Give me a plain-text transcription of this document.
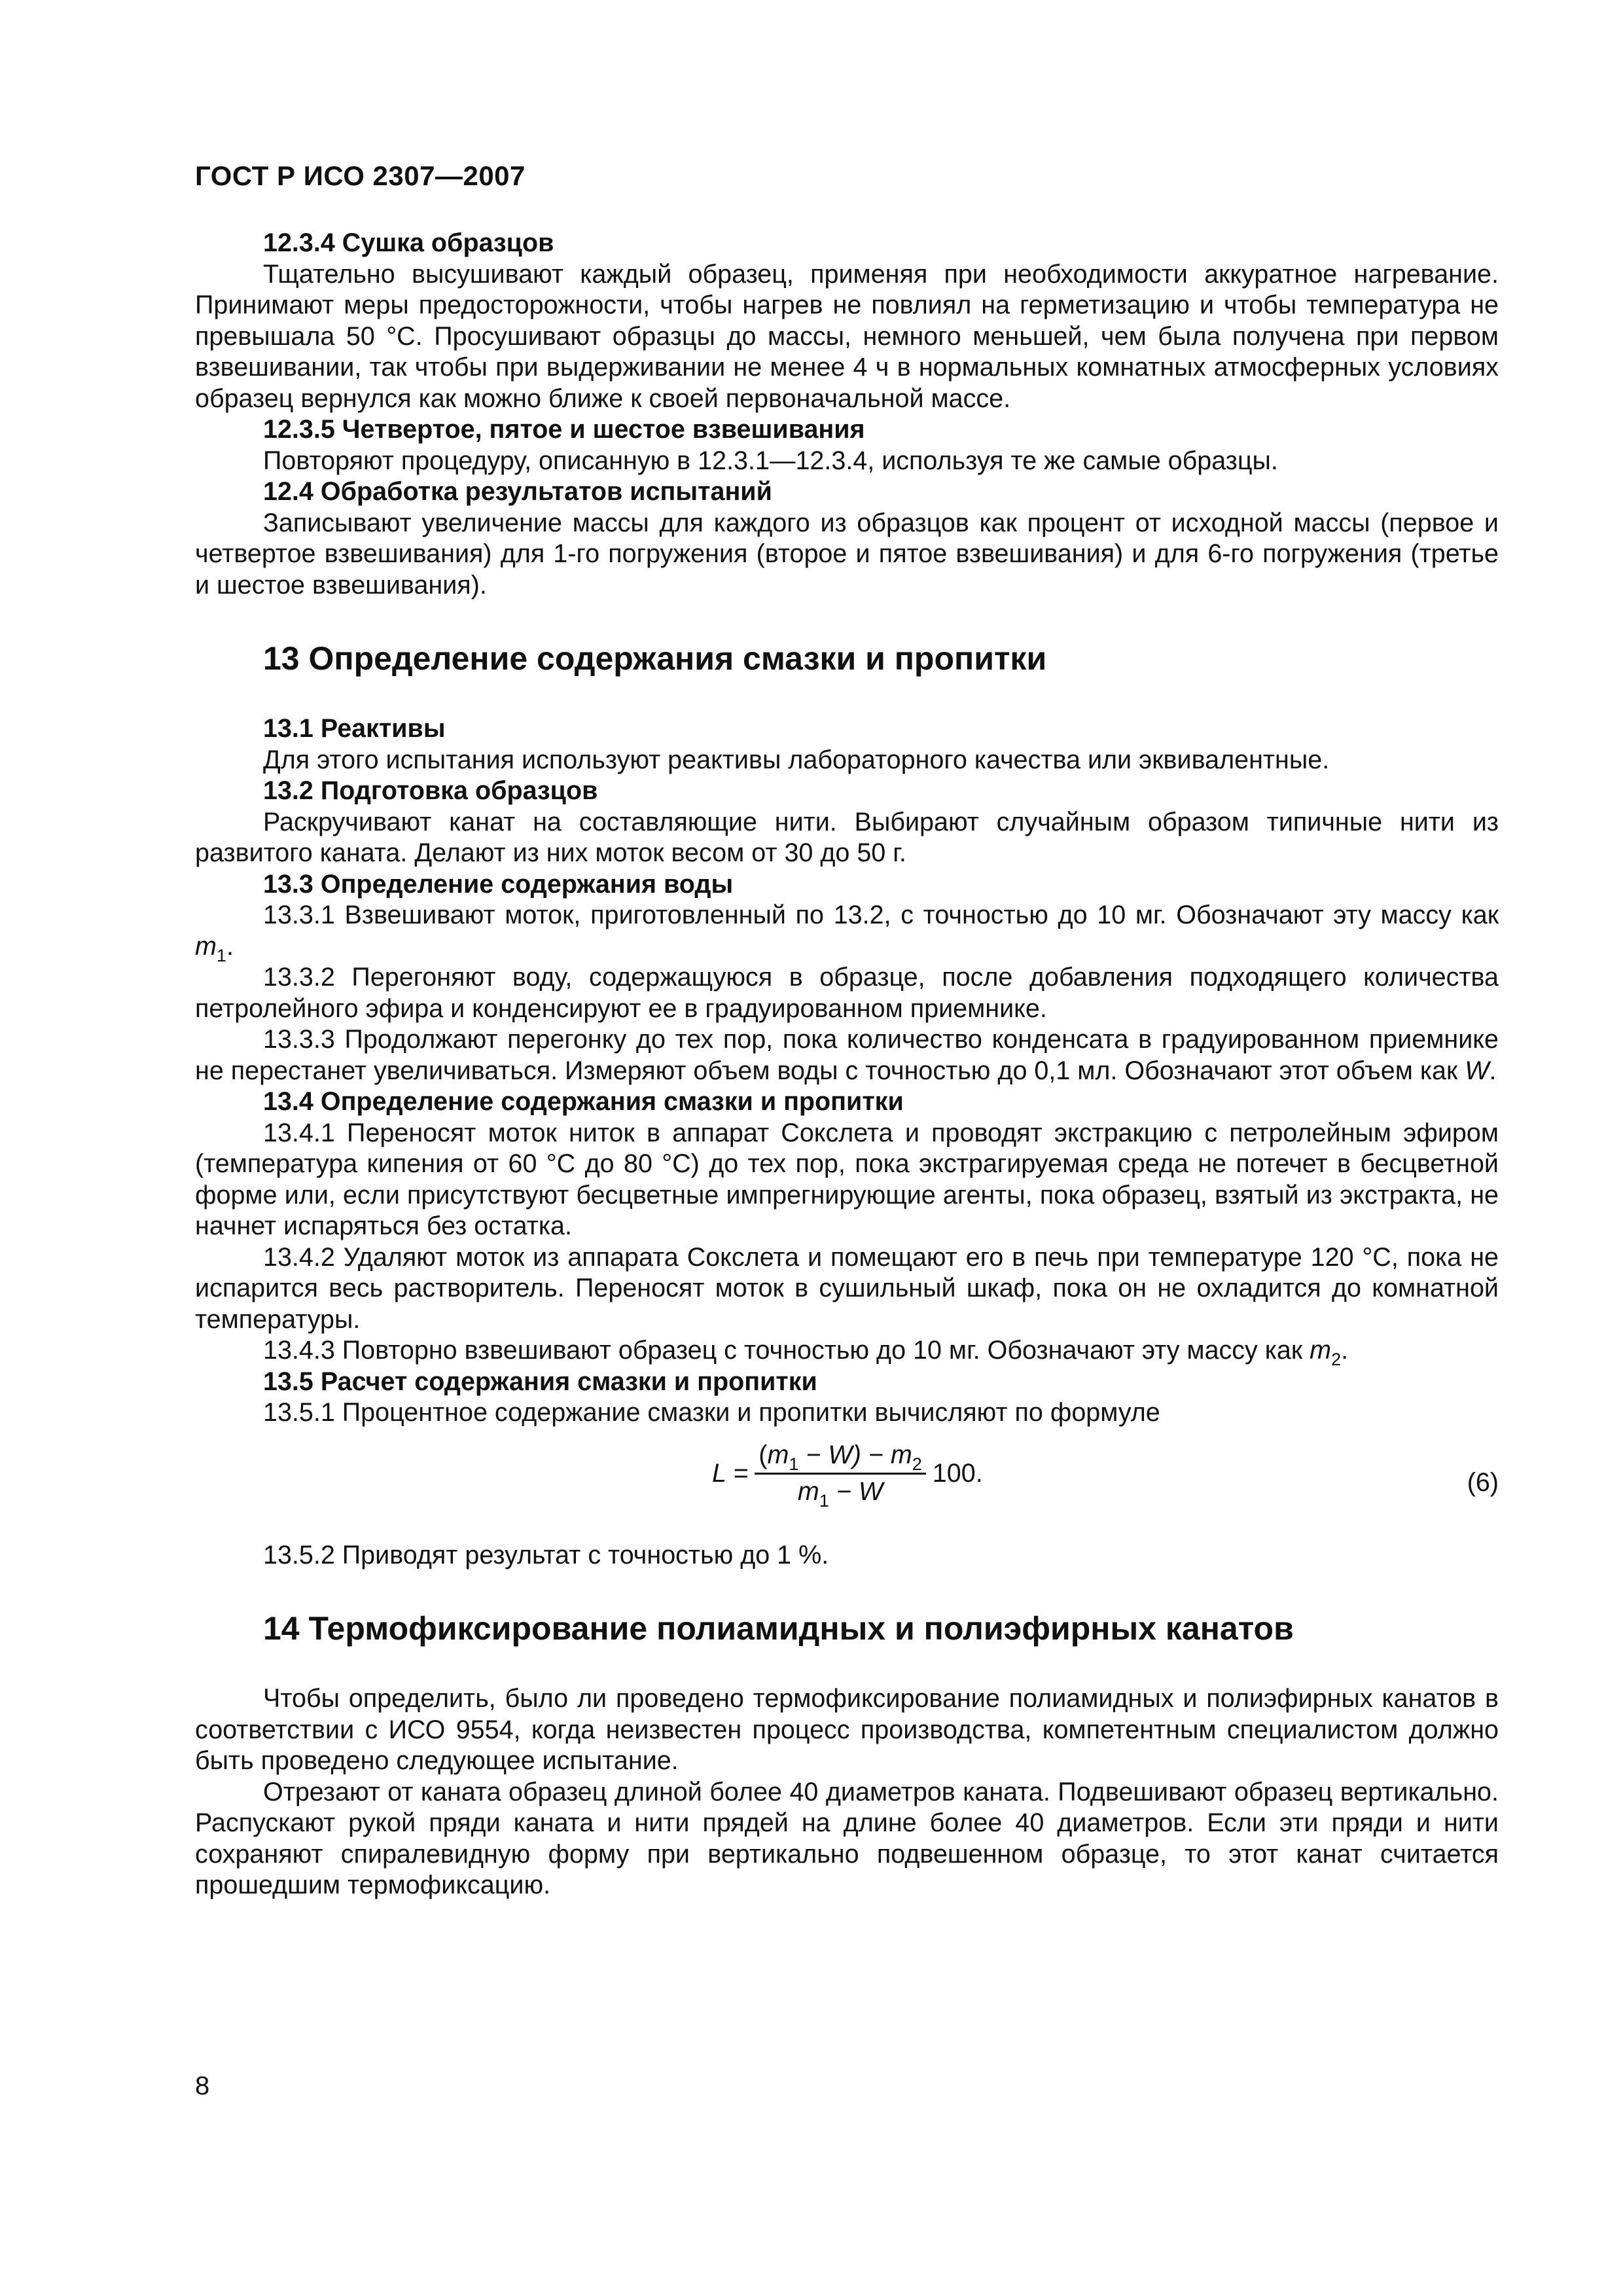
ГОСТ Р ИСО 2307—2007

12.3.4 Сушка образцов

Тщательно высушивают каждый образец, применяя при необходимости аккуратное нагревание. Принимают меры предосторожности, чтобы нагрев не повлиял на герметизацию и чтобы температура не превышала 50 °С. Просушивают образцы до массы, немного меньшей, чем была получена при первом взвешивании, так чтобы при выдерживании не менее 4 ч в нормальных комнатных атмосферных условиях образец вернулся как можно ближе к своей первоначальной массе.

12.3.5 Четвертое, пятое и шестое взвешивания

Повторяют процедуру, описанную в 12.3.1—12.3.4, используя те же самые образцы.

12.4 Обработка результатов испытаний

Записывают увеличение массы для каждого из образцов как процент от исходной массы (первое и четвертое взвешивания) для 1-го погружения (второе и пятое взвешивания) и для 6-го погружения (третье и шестое взвешивания).

13 Определение содержания смазки и пропитки

13.1 Реактивы

Для этого испытания используют реактивы лабораторного качества или эквивалентные.

13.2 Подготовка образцов

Раскручивают канат на составляющие нити. Выбирают случайным образом типичные нити из развитого каната. Делают из них моток весом от 30 до 50 г.

13.3 Определение содержания воды

13.3.1 Взвешивают моток, приготовленный по 13.2, с точностью до 10 мг. Обозначают эту массу как $m_1$.

13.3.2 Перегоняют воду, содержащуюся в образце, после добавления подходящего количества петролейного эфира и конденсируют ее в градуированном приемнике.

13.3.3 Продолжают перегонку до тех пор, пока количество конденсата в градуированном приемнике не перестанет увеличиваться. Измеряют объем воды с точностью до 0,1 мл. Обозначают этот объем как W.

13.4 Определение содержания смазки и пропитки

13.4.1 Переносят моток ниток в аппарат Сокслета и проводят экстракцию с петролейным эфиром (температура кипения от 60 °С до 80 °С) до тех пор, пока экстрагируемая среда не потечет в бесцветной форме или, если присутствуют бесцветные импрегнирующие агенты, пока образец, взятый из экстракта, не начнет испаряться без остатка.

13.4.2 Удаляют моток из аппарата Сокслета и помещают его в печь при температуре 120 °С, пока не испарится весь растворитель. Переносят моток в сушильный шкаф, пока он не охладится до комнатной температуры.

13.4.3 Повторно взвешивают образец с точностью до 10 мг. Обозначают эту массу как $m_2$.

13.5 Расчет содержания смазки и пропитки

13.5.1 Процентное содержание смазки и пропитки вычисляют по формуле

$L = \frac{(m_1 - W) - m_2}{m_1 - W} 100$.	(6)

13.5.2 Приводят результат с точностью до 1 %.

14 Термофиксирование полиамидных и полиэфирных канатов

Чтобы определить, было ли проведено термофиксирование полиамидных и полиэфирных канатов в соответствии с ИСО 9554, когда неизвестен процесс производства, компетентным специалистом должно быть проведено следующее испытание.

Отрезают от каната образец длиной более 40 диаметров каната. Подвешивают образец вертикально. Распускают рукой пряди каната и нити прядей на длине более 40 диаметров. Если эти пряди и нити сохраняют спиралевидную форму при вертикально подвешенном образце, то этот канат считается прошедшим термофиксацию.

8
